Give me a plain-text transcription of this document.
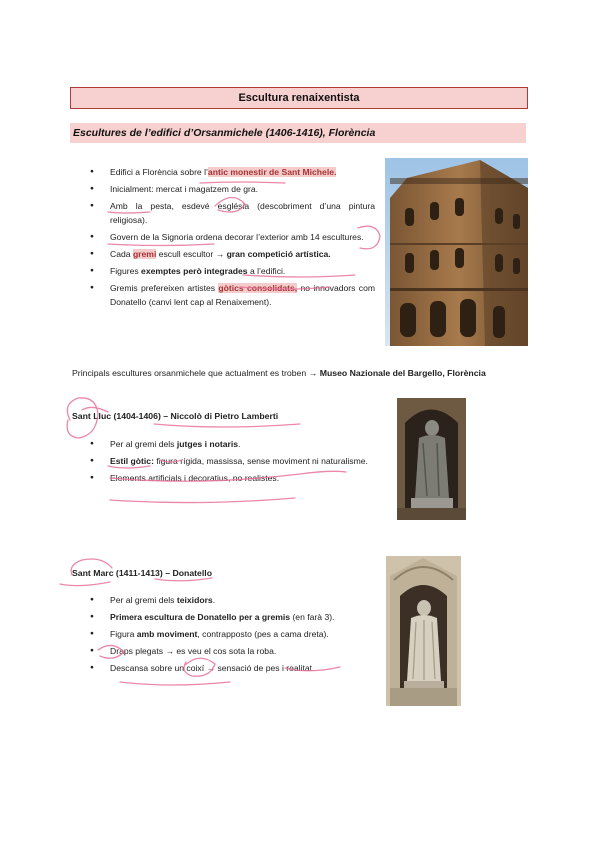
Escultura renaixentista
Escultures de l’edifici d’Orsanmichele (1406-1416), Florència
● Edifici a Florència sobre l’antic monestir de Sant Michele.
● Inicialment: mercat i magatzem de gra.
● Amb la pesta, esdevé església (descobriment d’una pintura religiosa).
● Govern de la Signoria ordena decorar l’exterior amb 14 escultures.
● Cada gremi escull escultor → gran competició artística.
● Figures exemptes però integrades a l’edifici.
● Gremis prefereixen artistes gòtics consolidats, no innovadors com Donatello (canvi lent cap al Renaixement).
Principals escultures orsanmichele que actualment es troben → Museo Nazionale del Bargello, Florència
Sant Lluc (1404-1406) – Niccolò di Pietro Lamberti
● Per al gremi dels jutges i notaris.
● Estil gòtic: figura rígida, massissa, sense moviment ni naturalisme.
● Elements artificials i decoratius, no realistes.
Sant Marc (1411-1413) – Donatello
● Per al gremi dels teixidors.
● Primera escultura de Donatello per a gremis (en farà 3).
● Figura amb moviment, contrapposto (pes a cama dreta).
● Draps plegats → es veu el cos sota la roba.
● Descansa sobre un coixí → sensació de pes i realitat.
